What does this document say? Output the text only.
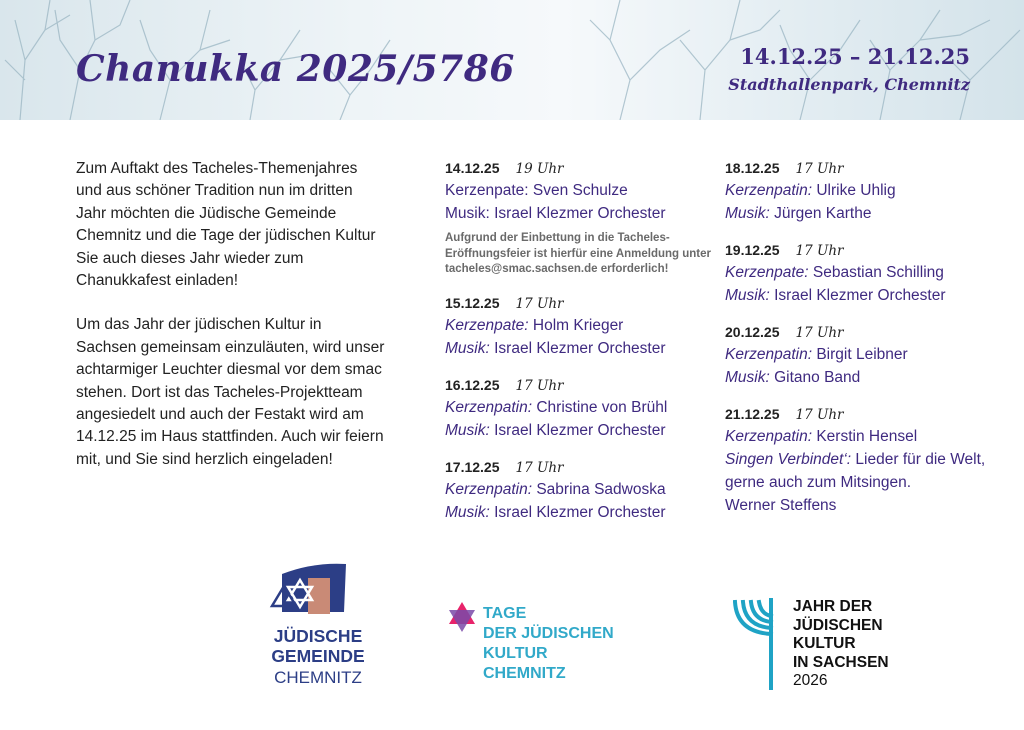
Chanukka 2025/5786	14.12.25 – 21.12.25
Stadthallenpark, Chemnitz

Zum Auftakt des Tacheles-Themenjahres und aus schöner Tradition nun im dritten Jahr möchten die Jüdische Gemeinde Chemnitz und die Tage der jüdischen Kultur Sie auch dieses Jahr wieder zum Chanukkafest einladen!

Um das Jahr der jüdischen Kultur in Sachsen gemeinsam einzuläuten, wird unser achtarmiger Leuchter diesmal vor dem smac stehen. Dort ist das Tacheles-Projektteam angesiedelt und auch der Festakt wird am 14.12.25 im Haus stattfinden. Auch wir feiern mit, und Sie sind herzlich eingeladen!

14.12.25 19 Uhr
Kerzenpate: Sven Schulze
Musik: Israel Klezmer Orchester
Aufgrund der Einbettung in die Tacheles-Eröffnungsfeier ist hierfür eine Anmeldung unter tacheles@smac.sachsen.de erforderlich!
15.12.25 17 Uhr
Kerzenpate: Holm Krieger
Musik: Israel Klezmer Orchester
16.12.25 17 Uhr
Kerzenpatin: Christine von Brühl
Musik: Israel Klezmer Orchester
17.12.25 17 Uhr
Kerzenpatin: Sabrina Sadwoska
Musik: Israel Klezmer Orchester
18.12.25 17 Uhr
Kerzenpatin: Ulrike Uhlig
Musik: Jürgen Karthe
19.12.25 17 Uhr
Kerzenpate: Sebastian Schilling
Musik: Israel Klezmer Orchester
20.12.25 17 Uhr
Kerzenpatin: Birgit Leibner
Musik: Gitano Band
21.12.25 17 Uhr
Kerzenpatin: Kerstin Hensel
Singen Verbindet‘: Lieder für die Welt, gerne auch zum Mitsingen.
Werner Steffens
JÜDISCHE
GEMEINDE
CHEMNITZ
TAGE
DER JÜDISCHEN
KULTUR
CHEMNITZ
JAHR DER
JÜDISCHEN
KULTUR
IN SACHSEN
2026
